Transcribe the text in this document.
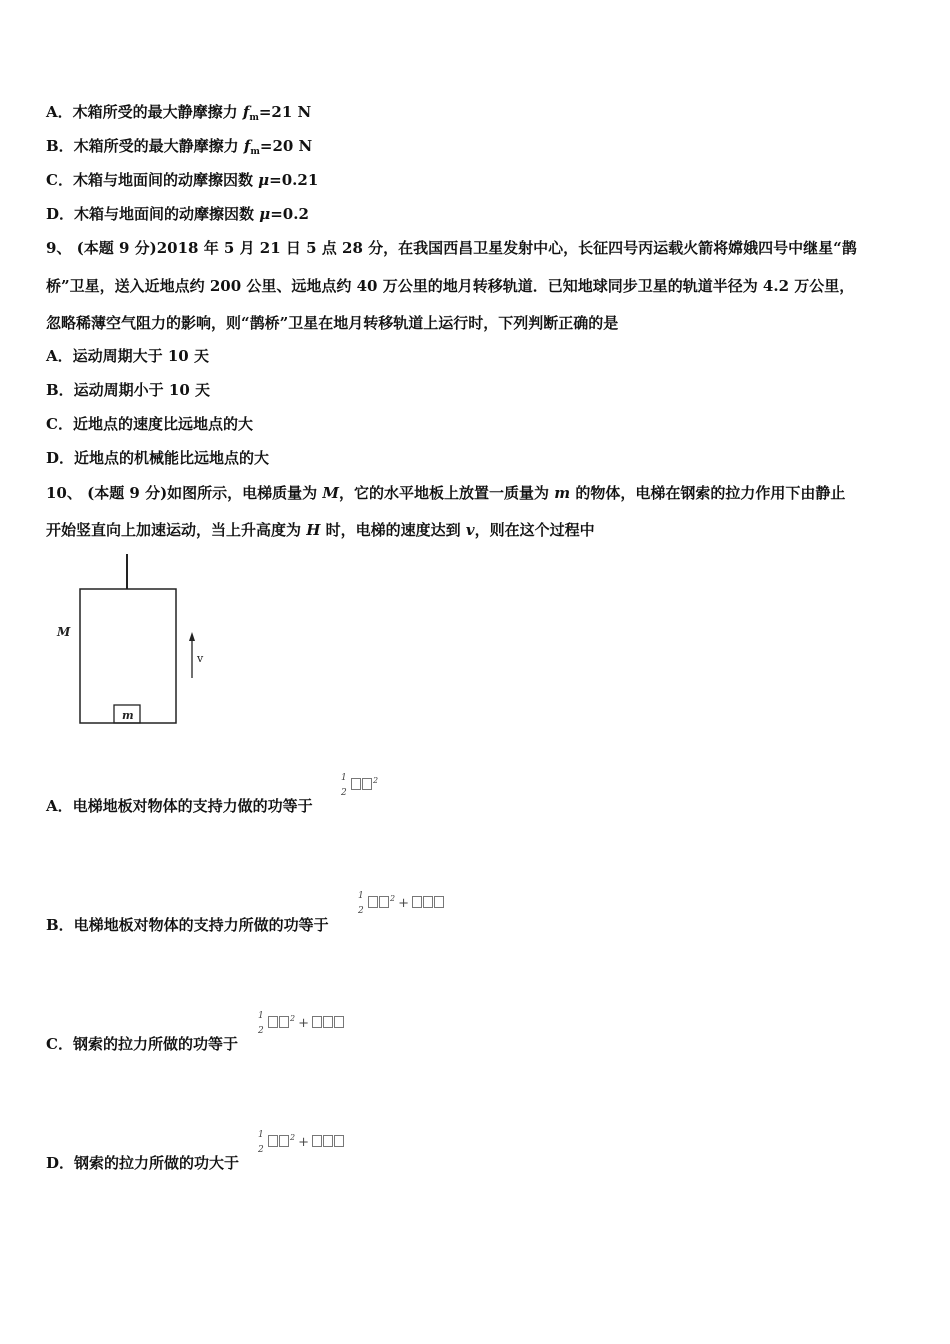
A．木箱所受的最大静摩擦力 $f_m=21$ N
B．木箱所受的最大静摩擦力 $f_m=20$ N
C．木箱与地面间的动摩擦因数 μ=0.21
D．木箱与地面间的动摩擦因数 μ=0.2
9、 (本题 9 分)2018 年 5 月 21 日 5 点 28 分，在我国西昌卫星发射中心，长征四号丙运载火箭将嫦娥四号中继星“鹊
桥”卫星，送入近地点约 200 公里、远地点约 40 万公里的地月转移轨道．已知地球同步卫星的轨道半径为 4.2 万公里，
忽略稀薄空气阻力的影响，则“鹊桥”卫星在地月转移轨道上运行时，下列判断正确的是
A．运动周期大于 10 天
B．运动周期小于 10 天
C．近地点的速度比远地点的大
D．近地点的机械能比远地点的大
10、 (本题 9 分)如图所示，电梯质量为 M，它的水平地板上放置一质量为 m 的物体，电梯在钢索的拉力作用下由静止
开始竖直向上加速运动，当上升高度为 H 时，电梯的速度达到 v，则在这个过程中
m
M
v
A．电梯地板对物体的支持力做的功等于
1
2
$^2$
B．电梯地板对物体的支持力所做的功等于
1
2
$^2$ +
C．钢索的拉力所做的功等于
1
2
$^2$ +
D．钢索的拉力所做的功大于
1
2
$^2$ +
